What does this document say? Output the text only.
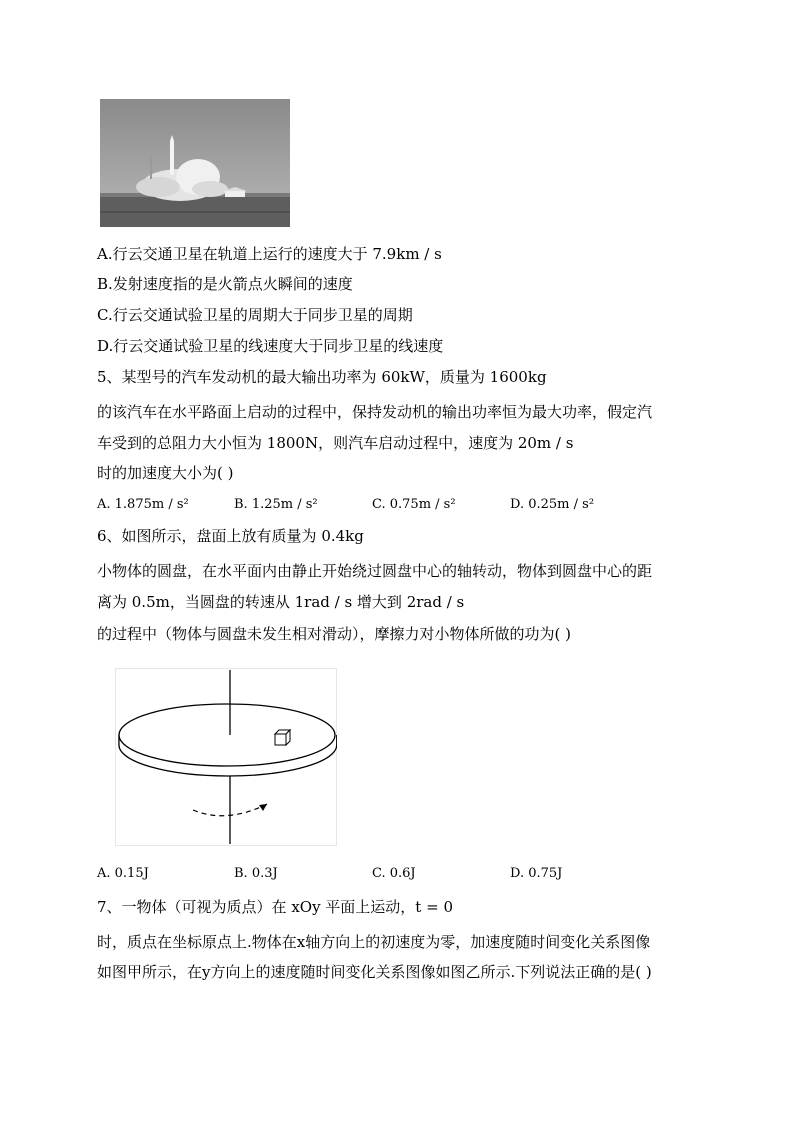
A.行云交通卫星在轨道上运行的速度大于 7.9km / s
B.发射速度指的是火箭点火瞬间的速度
C.行云交通试验卫星的周期大于同步卫星的周期
D.行云交通试验卫星的线速度大于同步卫星的线速度
5、某型号的汽车发动机的最大输出功率为 60kW，质量为 1600kg
的该汽车在水平路面上启动的过程中，保持发动机的输出功率恒为最大功率，假定汽
车受到的总阻力大小恒为 1800N，则汽车启动过程中，速度为 20m / s
时的加速度大小为( )
A. 1.875m / s²	B. 1.25m / s²	C. 0.75m / s²	D. 0.25m / s²
6、如图所示，盘面上放有质量为 0.4kg
小物体的圆盘，在水平面内由静止开始绕过圆盘中心的轴转动，物体到圆盘中心的距
离为 0.5m，当圆盘的转速从 1rad / s 增大到 2rad / s
的过程中（物体与圆盘未发生相对滑动），摩擦力对小物体所做的功为( )
A. 0.15J	B. 0.3J	C. 0.6J	D. 0.75J
7、一物体（可视为质点）在 xOy 平面上运动，t = 0
时，质点在坐标原点上.物体在x轴方向上的初速度为零，加速度随时间变化关系图像
如图甲所示，在y方向上的速度随时间变化关系图像如图乙所示.下列说法正确的是( )
